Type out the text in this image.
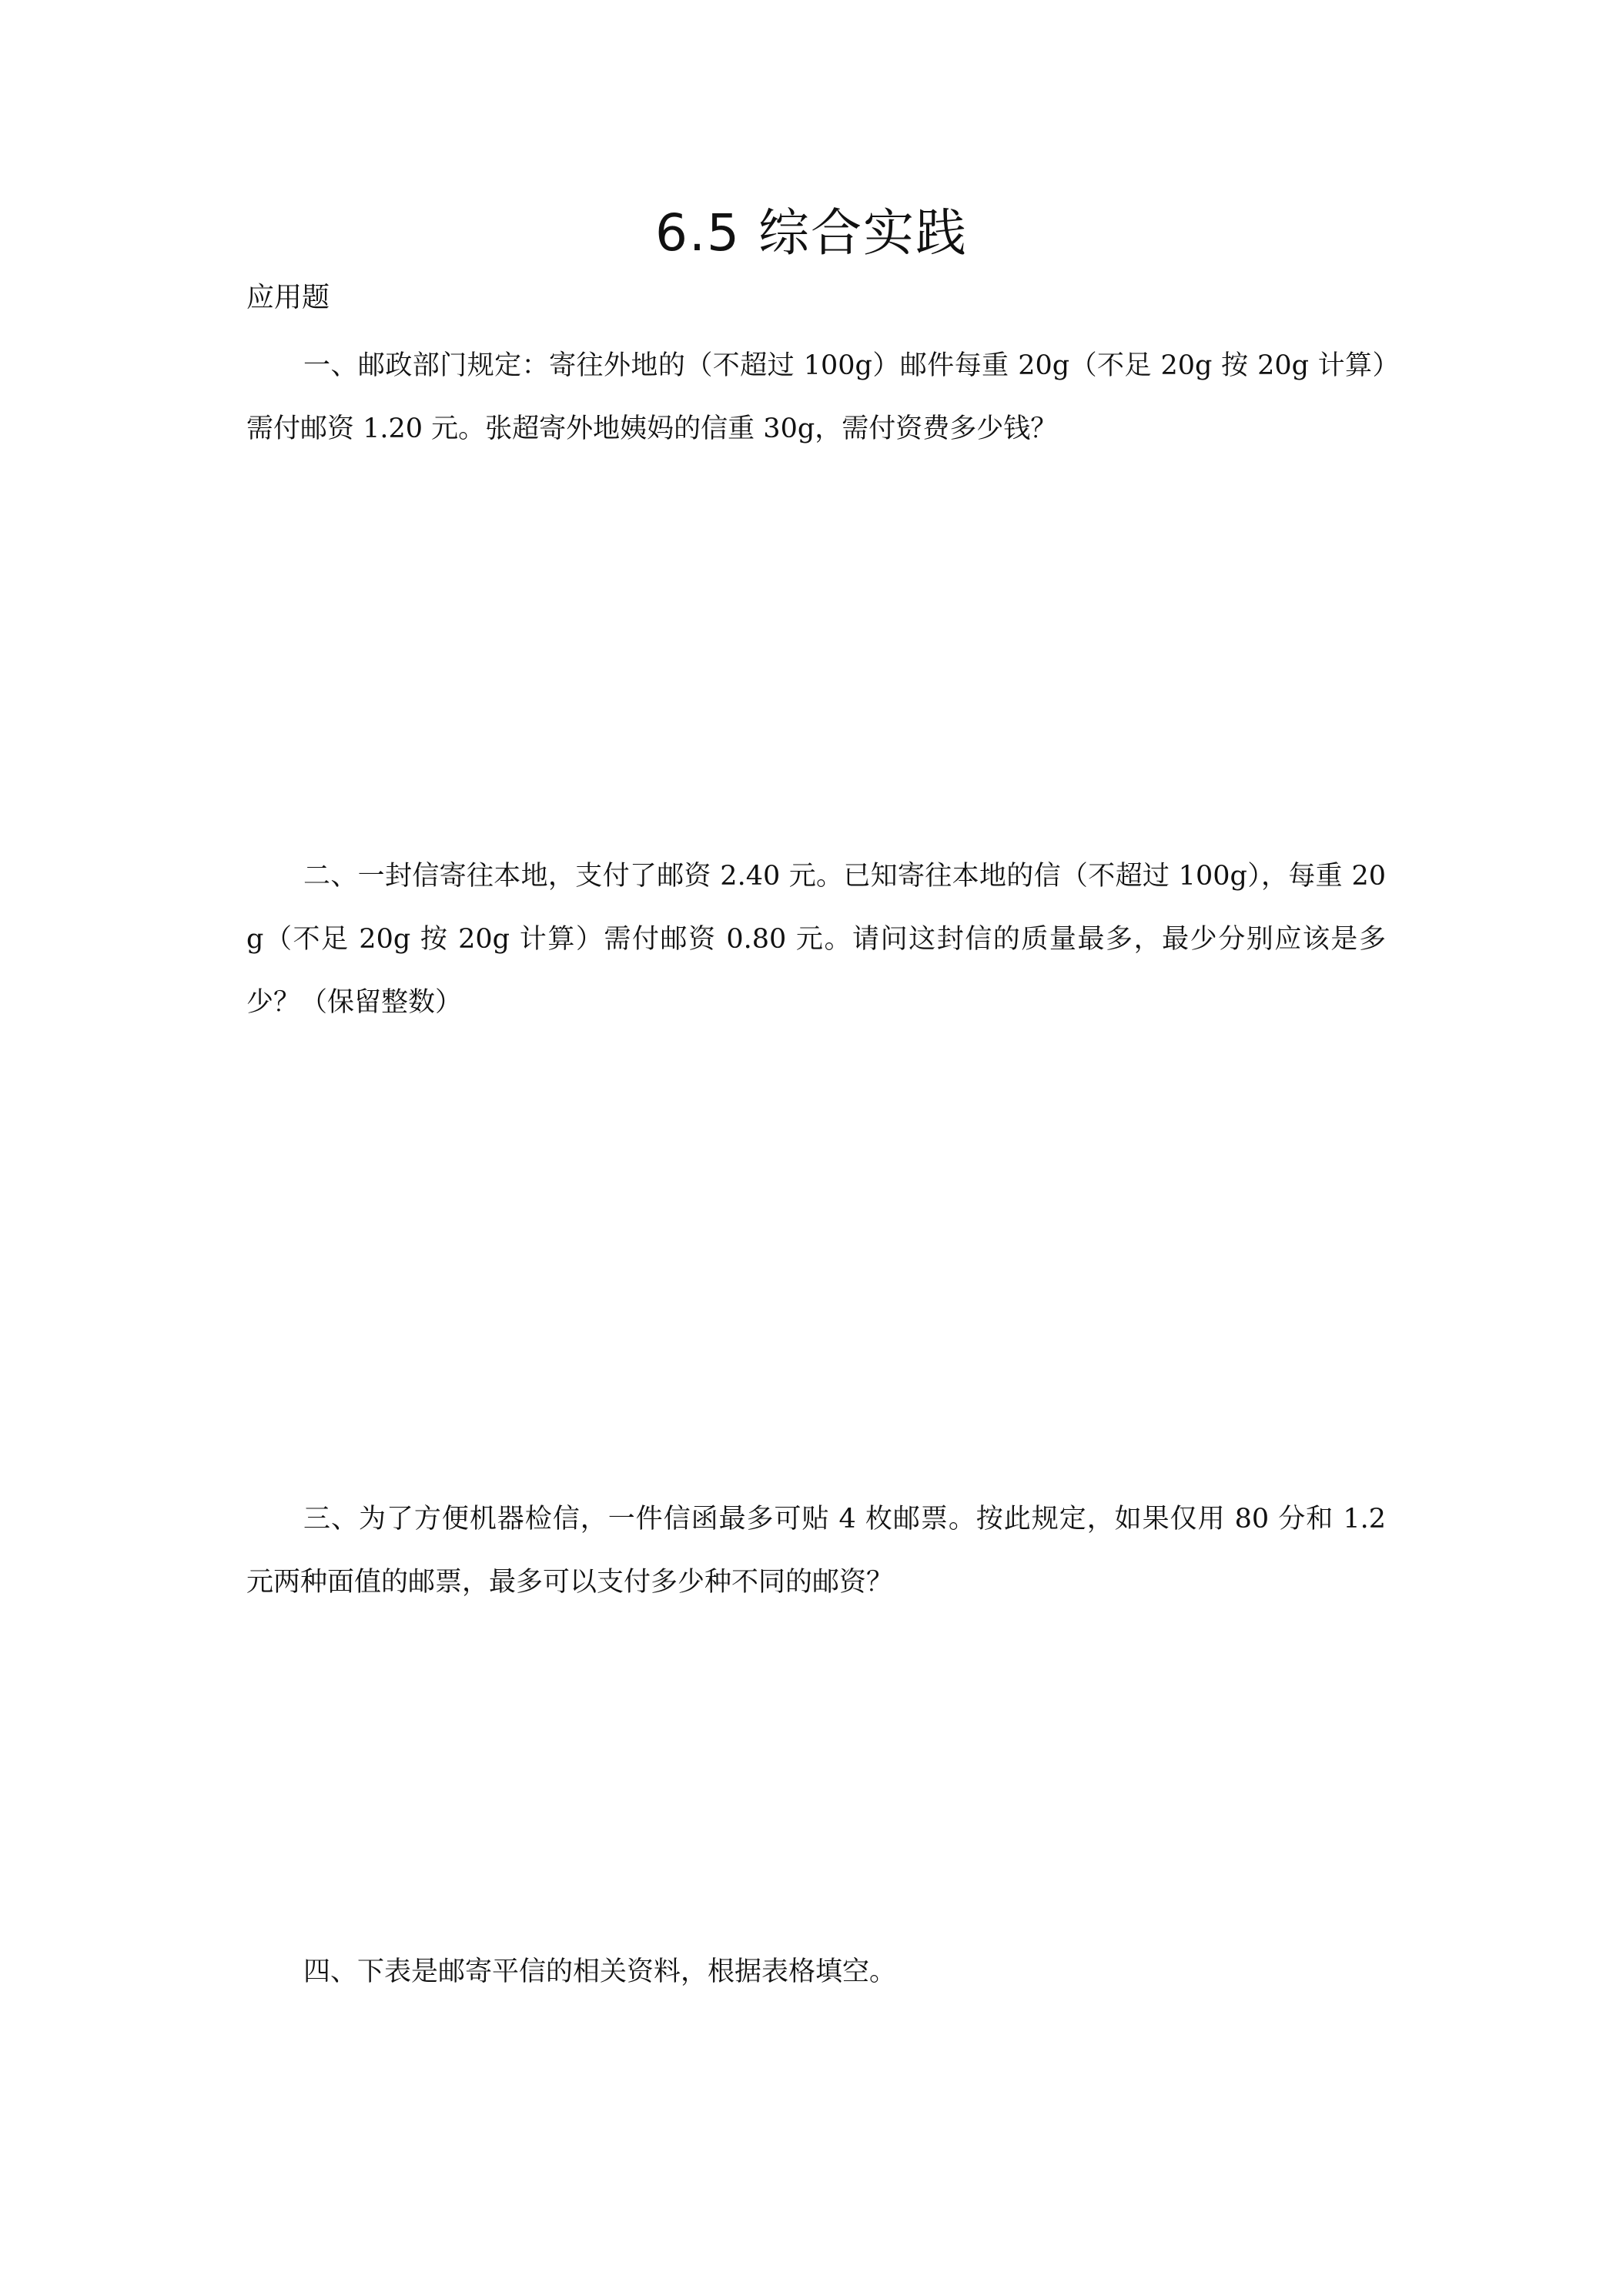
6.5 综合实践
应用题

一、邮政部门规定：寄往外地的（不超过 100g）邮件每重 20g（不足 20g 按 20g 计算）需付邮资 1.20 元。张超寄外地姨妈的信重 30g，需付资费多少钱？

二、一封信寄往本地，支付了邮资 2.40 元。已知寄往本地的信（不超过 100g），每重 20g（不足 20g 按 20g 计算）需付邮资 0.80 元。请问这封信的质量最多，最少分别应该是多少？（保留整数）

三、为了方便机器检信，一件信函最多可贴 4 枚邮票。按此规定，如果仅用 80 分和 1.2 元两种面值的邮票，最多可以支付多少种不同的邮资？

四、下表是邮寄平信的相关资料，根据表格填空。
